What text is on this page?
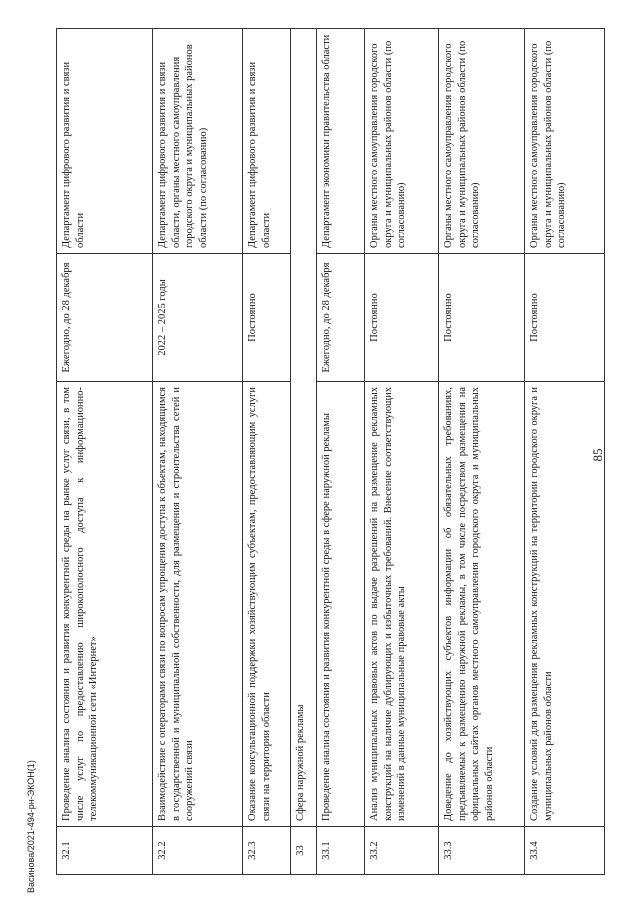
Васинова/2021-494-рн-ЭКОН(1) 32.1	Проведение анализа состояния и развития конкурентной среды на рынке услуг связи, в том числе услуг по предоставлению широкополосного доступа к информационно-телекоммуникационной сети «Интернет»	Ежегодно, до 28 декабря	Департамент цифрового развития и связи области
32.2	Взаимодействие с операторами связи по вопросам упрощения доступа к объектам, находящимся в государственной и муниципальной собственности, для размещения и строительства сетей и сооружений связи	2022 – 2025 годы	Департамент цифрового развития и связи области, органы местного самоуправления городского округа и муниципальных районов области (по согласованию)
32.3	Оказание консультационной поддержки хозяйствующим субъектам, предоставляющим услуги связи на территории области	Постоянно	Департамент цифрового развития и связи области
33	Сфера наружной рекламы		
33.1	Проведение анализа состояния и развития конкурентной среды в сфере наружной рекламы	Ежегодно, до 28 декабря	Департамент экономики правительства области
33.2	Анализ муниципальных правовых актов по выдаче разрешений на размещение рекламных конструкций на наличие дублирующих и избыточных требований. Внесение соответствующих изменений в данные муниципальные правовые акты	Постоянно	Органы местного самоуправления городского округа и муниципальных районов области (по согласованию)
33.3	Доведение до хозяйствующих субъектов информации об обязательных требованиях, предъявляемых к размещению наружной рекламы, в том числе посредством размещения на официальных сайтах органов местного самоуправления городского округа и муниципальных районов области	Постоянно	Органы местного самоуправления городского округа и муниципальных районов области (по согласованию)
33.4	Создание условий для размещения рекламных конструкций на территории городского округа и муниципальных районов области	Постоянно	Органы местного самоуправления городского округа и муниципальных районов области (по согласованию)
85
